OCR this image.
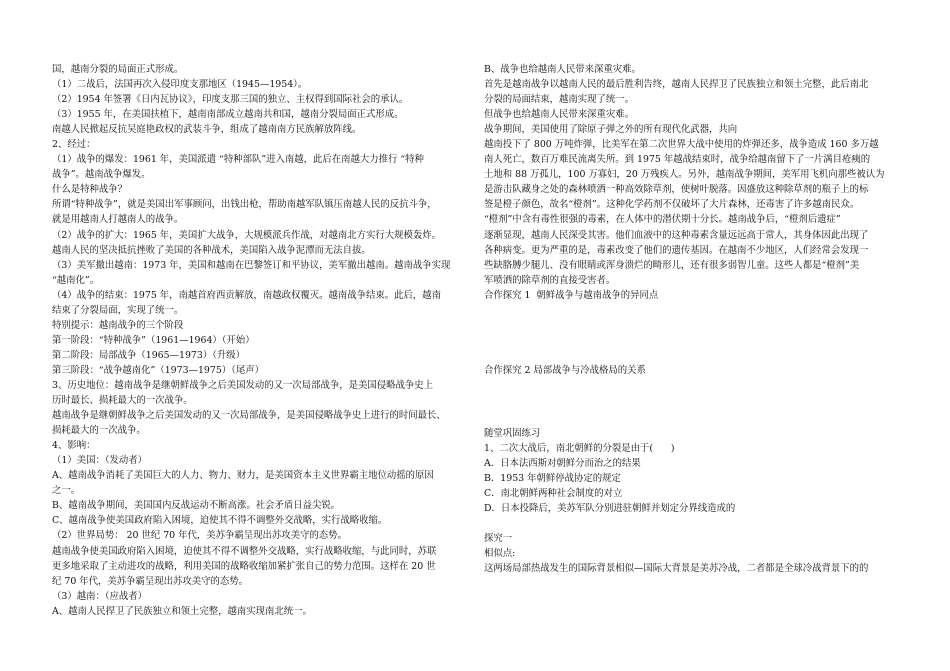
国，越南分裂的局面正式形成。

（1）二战后，法国再次入侵印度支那地区（1945—1954）。

（2）1954 年签署《日内瓦协议》，印度支那三国的独立、主权得到国际社会的承认。

（3）1955 年，在美国扶植下，越南南部成立越南共和国，越南分裂局面正式形成。

南越人民掀起反抗吴庭艳政权的武装斗争，组成了越南南方民族解放阵线。

2、经过：

（1）战争的爆发：1961 年，美国派遣 “特种部队”进入南越，此后在南越大力推行 “特种

战争”。越南战争爆发。

什么是特种战争？

所谓“特种战争”，就是美国出军事顾问，出钱出枪，帮助南越军队镇压南越人民的反抗斗争，

就是用越南人打越南人的战争。

（2）战争的扩大：1965 年，美国扩大战争，大规模派兵作战，对越南北方实行大规模轰炸。

越南人民的坚决抵抗挫败了美国的各种战术，美国陷入战争泥潭而无法自拔。

（3）美军撤出越南：1973 年，美国和越南在巴黎签订和平协议，美军撤出越南。越南战争实现

“越南化”。

（4）战争的结束：1975 年，南越首府西贡解放，南越政权覆灭。越南战争结束。此后，越南

结束了分裂局面，实现了统一。

特别提示：越南战争的三个阶段

第一阶段：“特种战争”（1961—1964）（开始）

第二阶段：局部战争（1965—1973）（升级）

第三阶段：“战争越南化”（1973—1975）（尾声）

3、历史地位：越南战争是继朝鲜战争之后美国发动的又一次局部战争，是美国侵略战争史上

历时最长、损耗最大的一次战争。

越南战争是继朝鲜战争之后美国发动的又一次局部战争，是美国侵略战争史上进行的时间最长、

损耗最大的一次战争。

4、影响：

（1）美国：（发动者）

A、越南战争消耗了美国巨大的人力、物力、财力，是美国资本主义世界霸主地位动摇的原因

之一。

B、越南战争期间，美国国内反战运动不断高涨。社会矛盾日益尖锐。

C、越南战争使美国政府陷入困境，迫使其不得不调整外交战略，实行战略收缩。

（2）世界局势： 20 世纪 70 年代，美苏争霸呈现出苏攻美守的态势。

越南战争使美国政府陷入困境，迫使其不得不调整外交战略，实行战略收缩，与此同时，苏联

更多地采取了主动进攻的战略，利用美国的战略收缩加紧扩张自己的势力范围。这样在 20 世

纪 70 年代，美苏争霸呈现出苏攻美守的态势。

（3）越南：（应战者）

A、越南人民捍卫了民族独立和领土完整，越南实现南北统一。

B、战争也给越南人民带来深重灾难。

首先是越南战争以越南人民的最后胜利告终，越南人民捍卫了民族独立和领土完整，此后南北

分裂的局面结束，越南实现了统一。

但战争也给越南人民带来深重灾难。

战争期间，美国使用了除原子弹之外的所有现代化武器，共向

越南投下了 800 万吨炸弹，比美军在第二次世界大战中使用的炸弹还多，战争造成 160 多万越

南人死亡，数百万难民流离失所。到 1975 年越战结束时，战争给越南留下了一片满目疮痍的

土地和 88 万孤儿，100 万寡妇，20 万残疾人。另外，越南战争期间，美军用飞机向那些被认为

是游击队藏身之处的森林喷洒一种高效除草剂，使树叶脱落。因盛放这种除草剂的瓶子上的标

签是橙子颜色，故名“橙剂”。这种化学药剂不仅破坏了大片森林，还毒害了许多越南民众。

“橙剂”中含有毒性很强的毒素，在人体中的潜伏期十分长。越南战争后，“橙剂后遗症”

逐渐显现，越南人民深受其害。他们血液中的这种毒素含量远远高于常人，其身体因此出现了

各种病变。更为严重的是，毒素改变了他们的遗传基因。在越南不少地区，人们经常会发现一

些缺胳膊少腿儿、没有眼睛或浑身溃烂的畸形儿，还有很多弱智儿童。这些人都是“橙剂”美

军喷洒的除草剂的直接受害者。

合作探究 1  朝鲜战争与越南战争的异同点

合作探究 2 局部战争与冷战格局的关系

随堂巩固练习

1、二次大战后，南北朝鲜的分裂是由于(      )

A．日本法西斯对朝鲜分而治之的结果

B．1953 年朝鲜停战协定的规定

C．南北朝鲜两种社会制度的对立

D．日本投降后，美苏军队分别进驻朝鲜并划定分界线造成的

探究一

相似点:

这两场局部热战发生的国际背景相似—国际大背景是美苏冷战，二者都是全球冷战背景下的的
